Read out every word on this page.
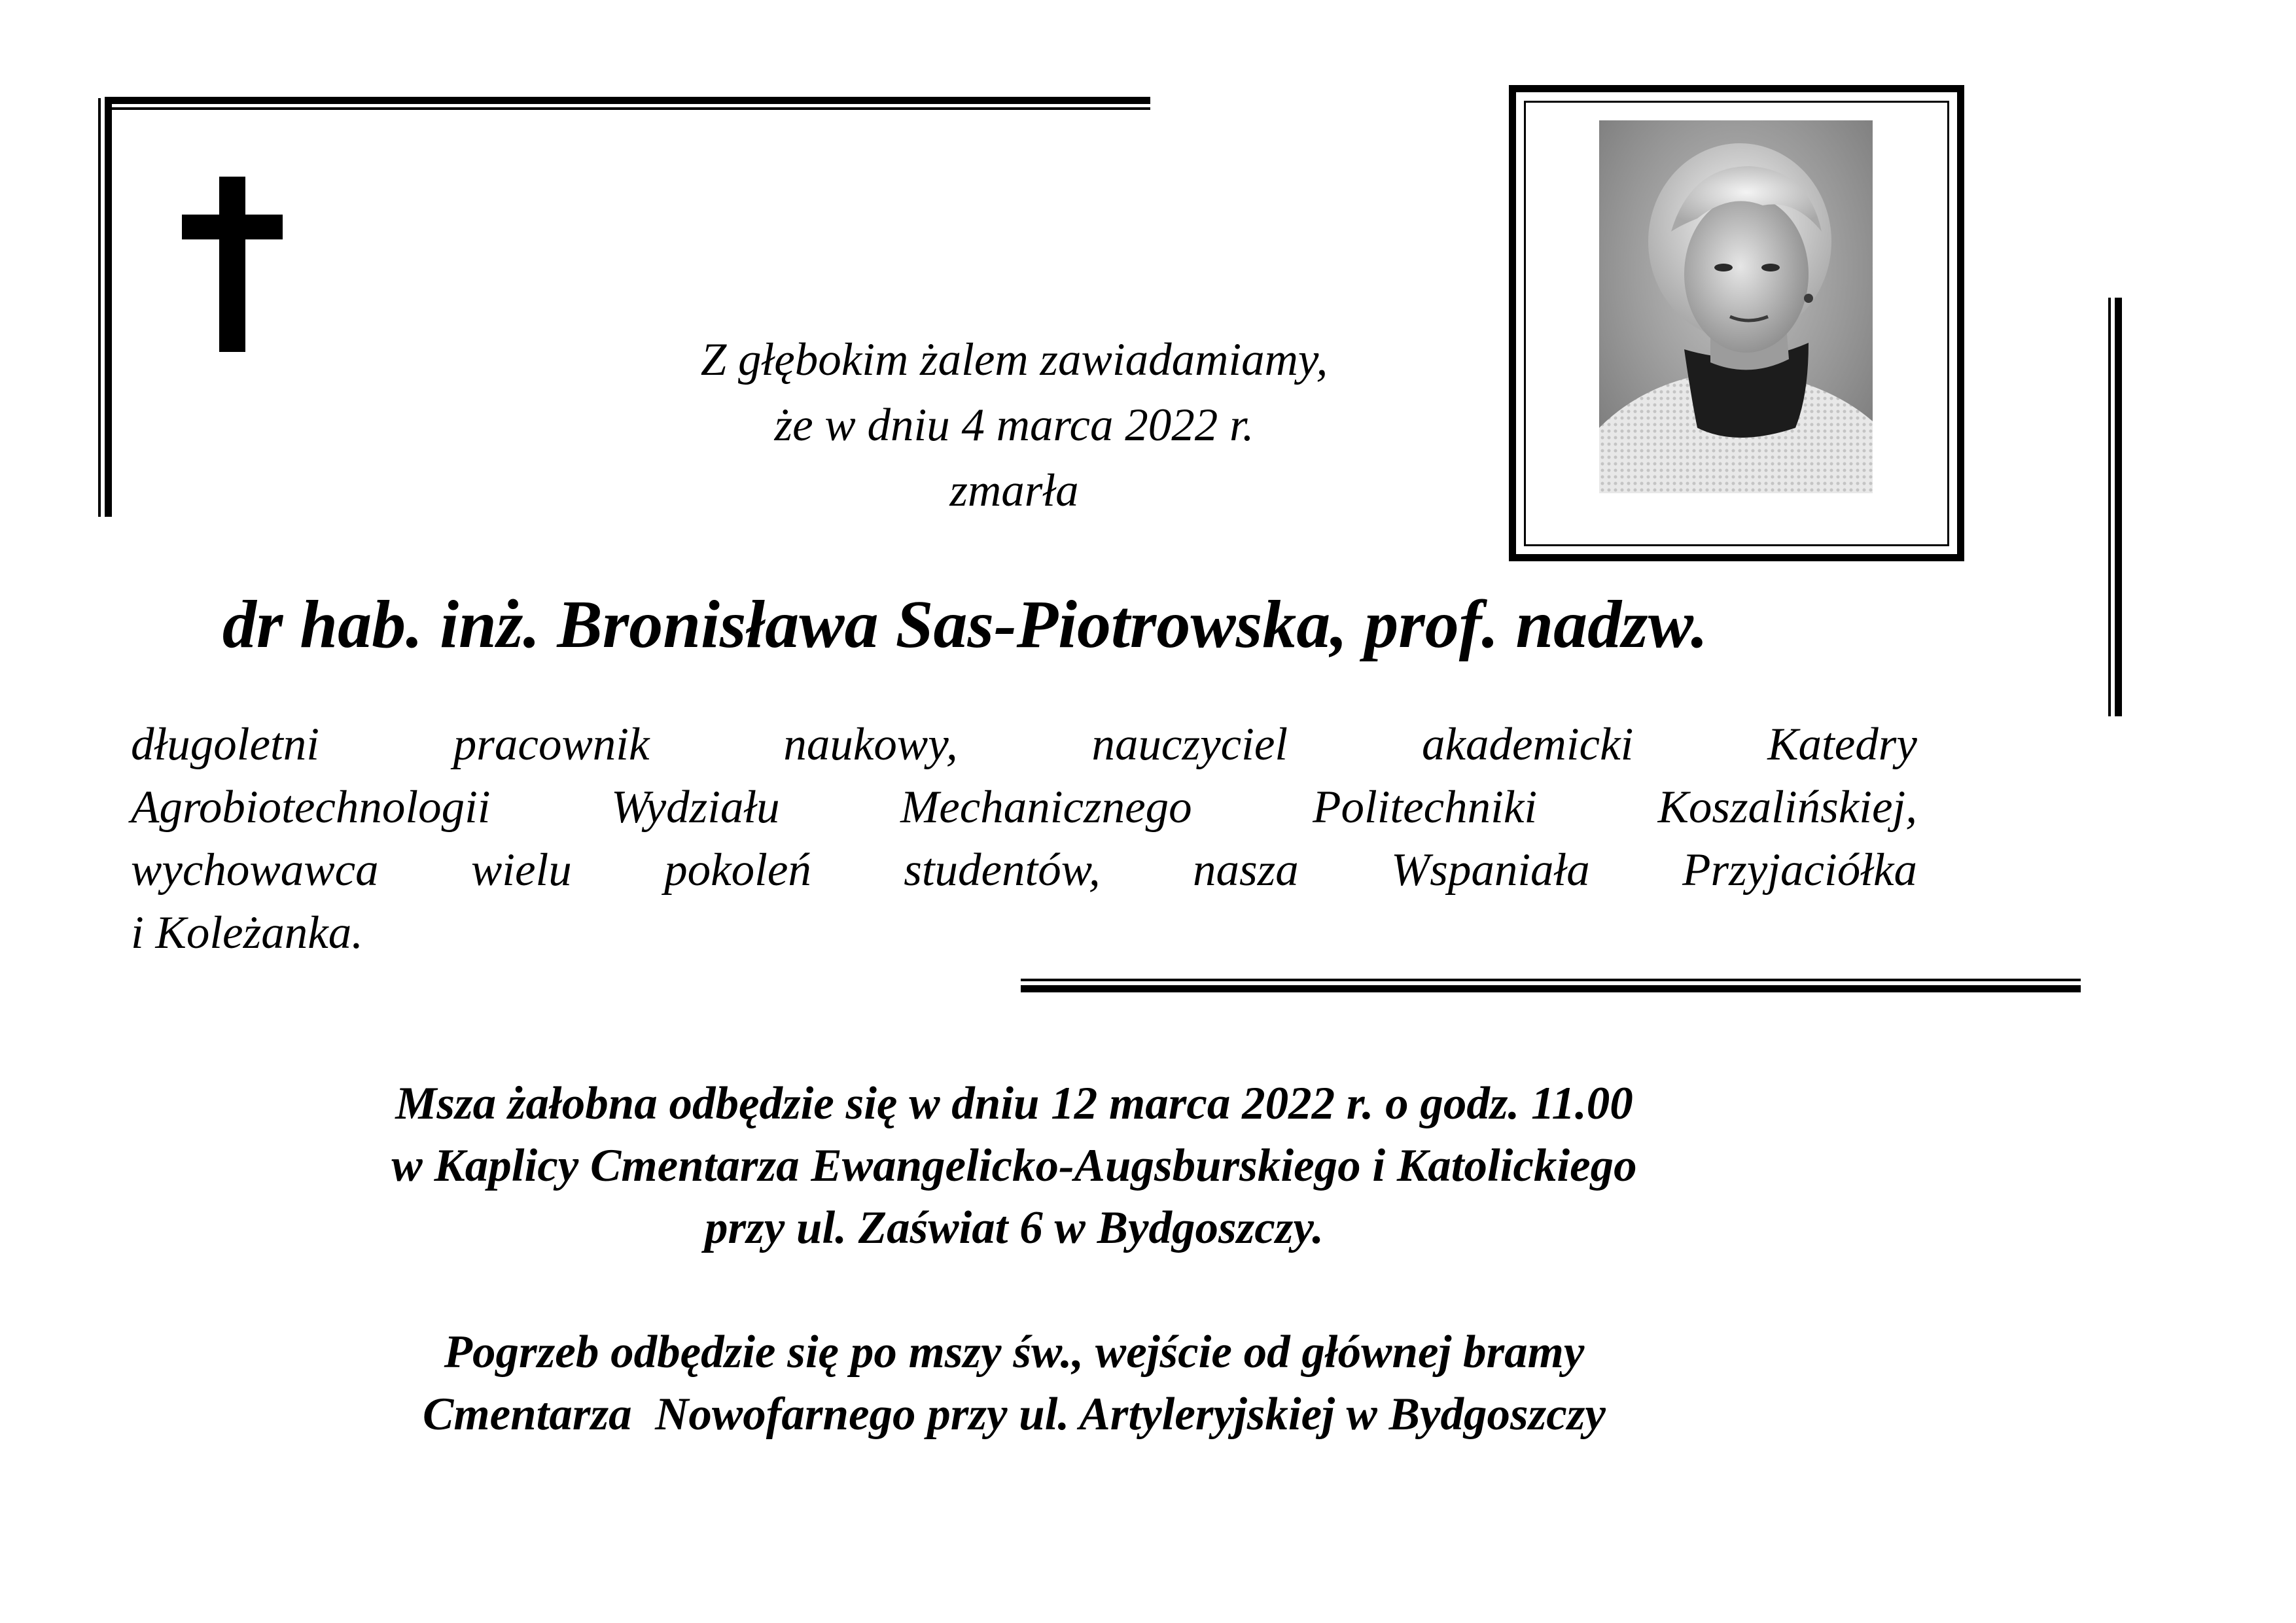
Z głębokim żalem zawiadamiamy,
że w dniu 4 marca 2022 r.
zmarła
dr hab. inż. Bronisława Sas-Piotrowska, prof. nadzw.
długoletni	pracownik	naukowy,	nauczyciel	akademicki	Katedry
Agrobiotechnologii	Wydziału	Mechanicznego	Politechniki	Koszalińskiej,
wychowawca wielu pokoleń studentów, nasza Wspaniała Przyjaciółka
i Koleżanka.
Msza żałobna odbędzie się w dniu 12 marca 2022 r. o godz. 11.00
w Kaplicy Cmentarza Ewangelicko-Augsburskiego i Katolickiego
przy ul. Zaświat 6 w Bydgoszczy.
Pogrzeb odbędzie się po mszy św., wejście od głównej bramy
Cmentarza  Nowofarnego przy ul. Artyleryjskiej w Bydgoszczy
